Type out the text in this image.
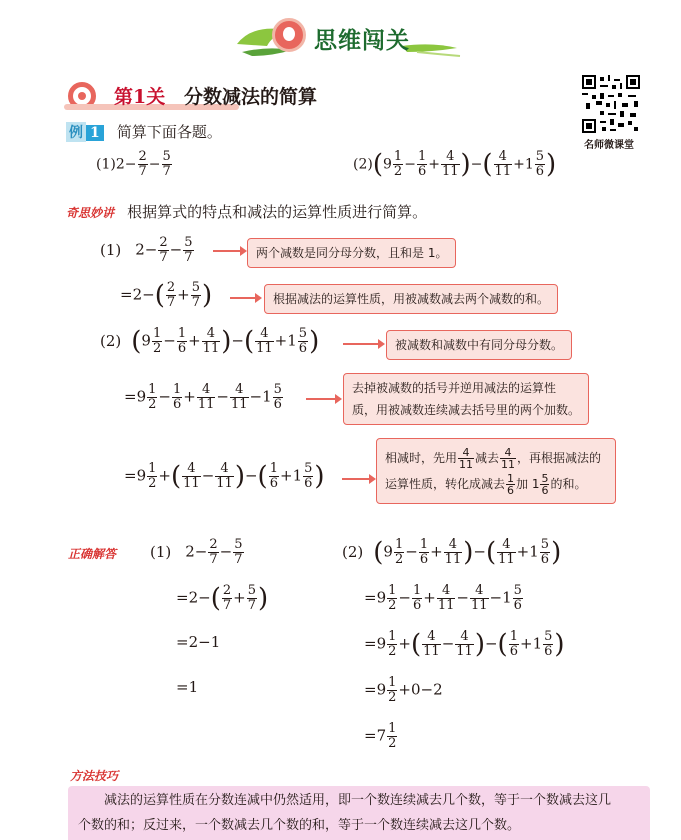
思维闯关
第1关 分数减法的简算
名师微课堂
例 1 简算下面各题。
$(1)2- \frac{2}{7} - \frac{5}{7}$	$(2)(9 \frac{1}{2} - \frac{1}{6} + \frac{4}{11}$ )−( $\frac{4}{11} +1 \frac{5}{6}$ )
奇思妙讲 根据算式的特点和减法的运算性质进行简算。
(1) $2- \frac{2}{7} - \frac{5}{7}$	两个减数是同分母分数，且和是 1。
$=2-( \frac{2}{7} + \frac{5}{7}$ )	根据减法的运算性质，用被减数减去两个减数的和。
(2) ($9 \frac{1}{2} - \frac{1}{6} + \frac{4}{11}$ )−( $\frac{4}{11} +1 \frac{5}{6}$ )	被减数和减数中有同分母分数。
$=9 \frac{1}{2} - \frac{1}{6} + \frac{4}{11} - \frac{4}{11} -1 \frac{5}{6}$	去掉被减数的括号并逆用减法的运算性
质，用被减数连续减去括号里的两个加数。
$=9 \frac{1}{2}$ +( $\frac{4}{11} - \frac{4}{11}$ )−( $\frac{1}{6} +1 \frac{5}{6}$ )
相减时，先用 $\frac{4}{11}$ 减去 $\frac{4}{11}$ ，再根据减法的
运算性质，转化成减去 $\frac{1}{6}$ 加 $1 \frac{5}{6}$ 的和。
正确解答 (1) $2- \frac{2}{7} - \frac{5}{7}$
$=2-( \frac{2}{7} + \frac{5}{7}$ )
=2−1
=1
(2) ($9 \frac{1}{2} - \frac{1}{6} + \frac{4}{11}$ )−( $\frac{4}{11} +1 \frac{5}{6}$ )
$=9 \frac{1}{2} - \frac{1}{6} + \frac{4}{11} - \frac{4}{11} -1 \frac{5}{6}$
$=9 \frac{1}{2}$ +( $\frac{4}{11} - \frac{4}{11}$ )−( $\frac{1}{6} +1 \frac{5}{6}$ )
$=9 \frac{1}{2} +0-2$
$=7 \frac{1}{2}$
方法技巧
减法的运算性质在分数连减中仍然适用，即一个数连续减去几个数，等于一个数减去这几
个数的和；反过来，一个数减去几个数的和，等于一个数连续减去这几个数。
